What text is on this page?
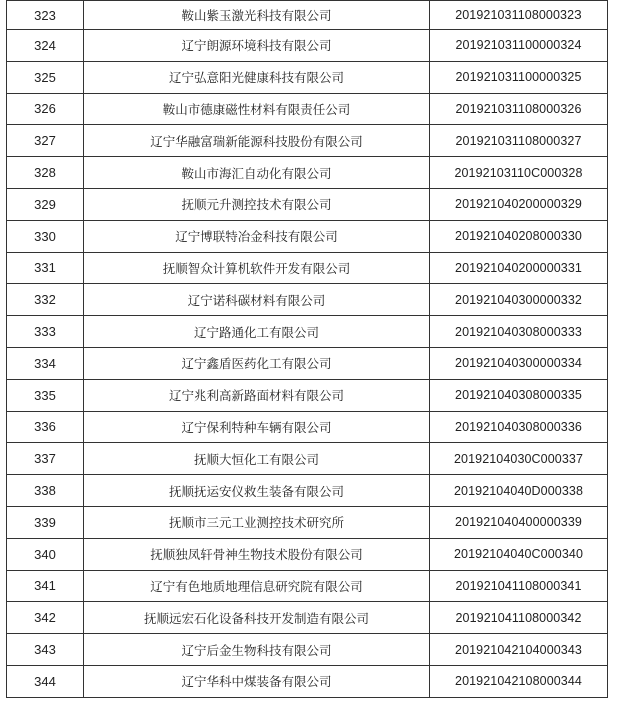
323	鞍山紫玉激光科技有限公司	20192103110800032З
324	辽宁朗源环境科技有限公司	201921031100000324
325	辽宁弘意阳光健康科技有限公司	201921031100000325
326	鞍山市德康磁性材料有限责任公司	201921031108000326
327	辽宁华融富瑞新能源科技股份有限公司	201921031108000327
328	鞍山市海汇自动化有限公司	20192103110C000328
329	抚顺元升测控技术有限公司	201921040200000329
330	辽宁博联特冶金科技有限公司	201921040208000330
331	抚顺智众计算机软件开发有限公司	201921040200000331
332	辽宁诺科碳材料有限公司	201921040300000332
333	辽宁路通化工有限公司	201921040308000333
334	辽宁鑫盾医药化工有限公司	201921040300000334
335	辽宁兆利高新路面材料有限公司	201921040308000335
336	辽宁保利特种车辆有限公司	201921040308000336
337	抚顺大恒化工有限公司	20192104030C000337
338	抚顺抚运安仪救生装备有限公司	20192104040D000338
339	抚顺市三元工业测控技术研究所	201921040400000339
340	抚顺独凤轩骨神生物技术股份有限公司	20192104040C000340
341	辽宁有色地质地理信息研究院有限公司	201921041108000341
342	抚顺远宏石化设备科技开发制造有限公司	201921041108000342
343	辽宁后金生物科技有限公司	201921042104000343
344	辽宁华科中煤装备有限公司	201921042108000344
